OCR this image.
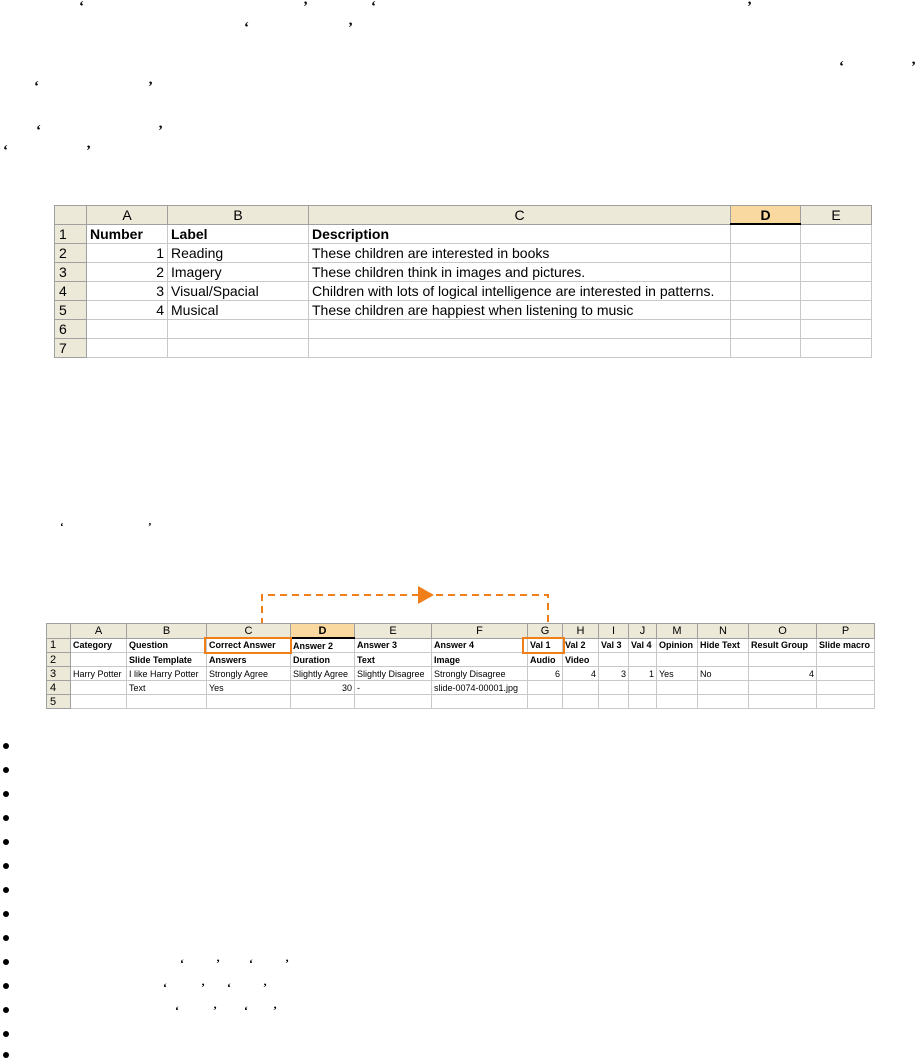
‘	’	‘	’
‘	’
‘	’
‘	’
‘	’
‘	’
	A	B	C	D	E
1	Number	Label	Description		
2	1	Reading	These children are interested in books		
3	2	Imagery	These children think in images and pictures.		
4	3	Visual/Spacial	Children with lots of logical intelligence are interested in patterns.		
5	4	Musical	These children are happiest when listening to music		
6					
7					
‘	’
	A	B	C	D	E	F	G	H	I	J	M	N	O	P
1	Category	Question	Correct Answer	Answer 2	Answer 3	Answer 4	Val 1	Val 2	Val 3	Val 4	Opinion	Hide Text	Result Group	Slide macro
2		Slide Template	Answers	Duration	Text	Image	Audio	Video						
3	Harry Potter	I like Harry Potter	Strongly Agree	Slightly Agree	Slightly Disagree	Strongly Disagree	6	4	3	1	Yes	No	4	
4		Text	Yes	30	-	slide-0074-00001.jpg								
5														
‘	’ ‘	’
‘	’ ‘	’
‘	’ ‘ ’
